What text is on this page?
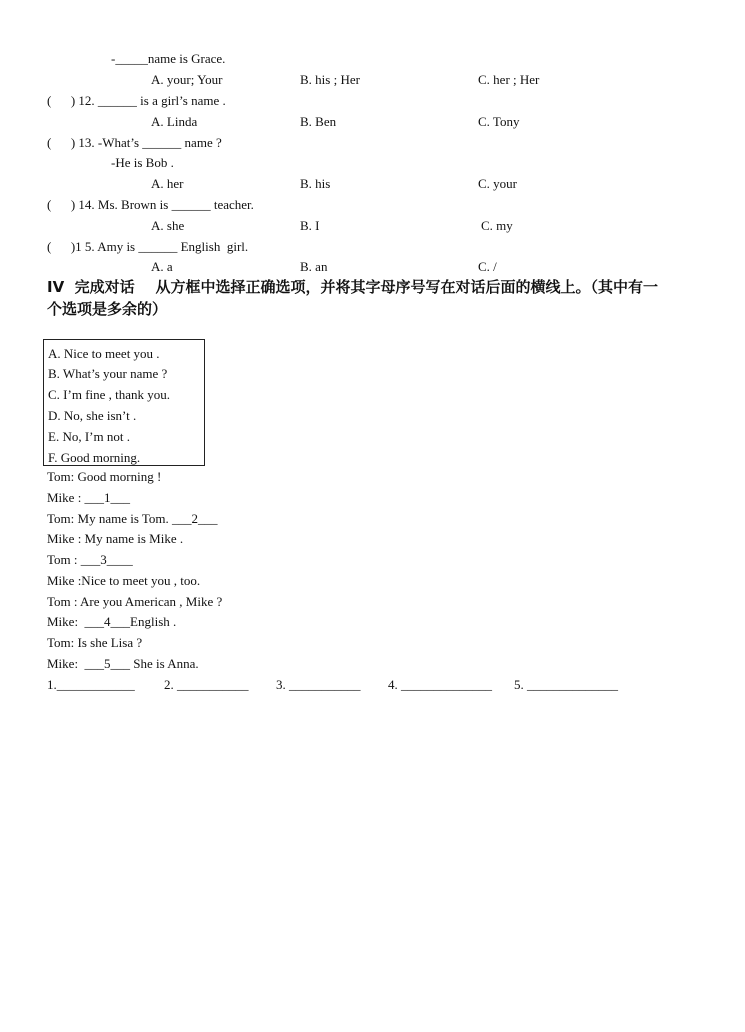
-_____name is Grace.
A. your; Your	B. his ; Her	C. her ; Her
(      ) 12. ______ is a girl’s name .
A. Linda	B. Ben	C. Tony
(      ) 13. -What’s ______ name ?
-He is Bob .
A. her	B. his	C. your
(      ) 14. Ms. Brown is ______ teacher.
A. she	B. I	C. my
(      )1 5. Amy is ______ English  girl.
A. a	B. an	C. /
IV  完成对话    从方框中选择正确选项，并将其字母序号写在对话后面的横线上。（其中有一
个选项是多余的）
A. Nice to meet you .
B. What’s your name ?
C. I’m fine , thank you.
D. No, she isn’t .
E. No, I’m not .
F. Good morning.
Tom: Good morning !
Mike : ___1___
Tom: My name is Tom. ___2___
Mike : My name is Mike .
Tom : ___3____
Mike :Nice to meet you , too.
Tom : Are you American , Mike ?
Mike:  ___4___English .
Tom: Is she Lisa ?
Mike:  ___5___ She is Anna.
1.____________ 2. ___________ 3. ___________ 4. ______________ 5. ______________
